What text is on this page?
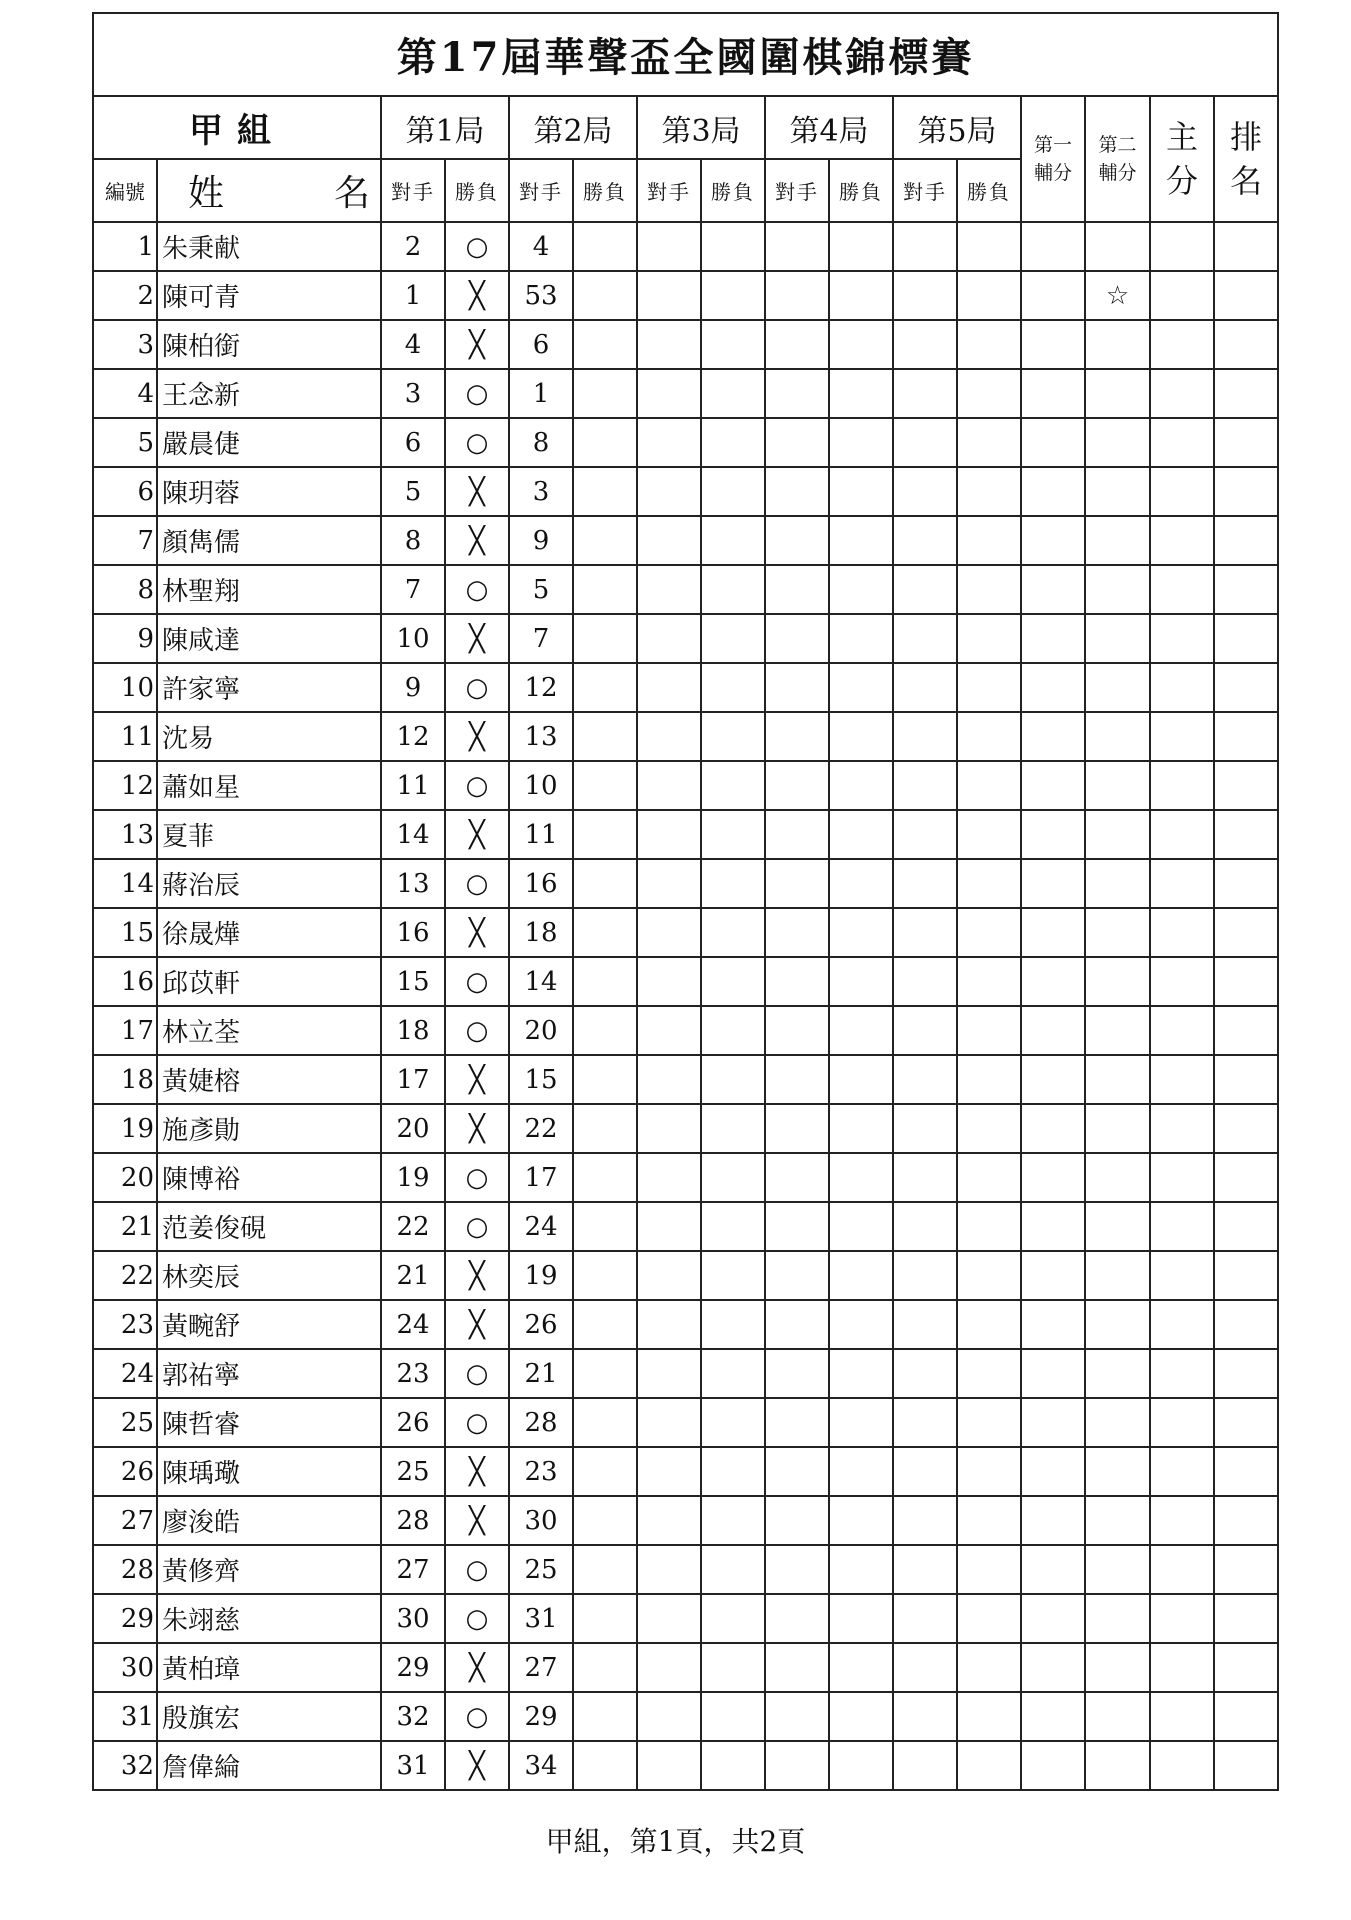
第17屆華聲盃全國圍棋錦標賽															
甲組		第1局		第2局		第3局		第4局		第5局		第一 輔分	第二 輔分	主 分	排 名
編號	姓 名	對手	勝負	對手	勝負	對手	勝負	對手	勝負	對手	勝負				
1	朱秉献	2	○	4											
2	陳可青	1	╳	53									☆		
3	陳柏銜	4	╳	6											
4	王念新	3	○	1											
5	嚴晨倢	6	○	8											
6	陳玥蓉	5	╳	3											
7	顏雋儒	8	╳	9											
8	林聖翔	7	○	5											
9	陳咸達	10	╳	7											
10	許家寧	9	○	12											
11	沈易	12	╳	13											
12	蕭如星	11	○	10											
13	夏菲	14	╳	11											
14	蔣治辰	13	○	16											
15	徐晟燁	16	╳	18											
16	邱苡軒	15	○	14											
17	林立荃	18	○	20											
18	黃婕榕	17	╳	15											
19	施彥勛	20	╳	22											
20	陳博裕	19	○	17											
21	范姜俊硯	22	○	24											
22	林奕辰	21	╳	19											
23	黃畹舒	24	╳	26											
24	郭祐寧	23	○	21											
25	陳哲睿	26	○	28											
26	陳瑀璥	25	╳	23											
27	廖浚皓	28	╳	30											
28	黃修齊	27	○	25											
29	朱翊慈	30	○	31											
30	黃柏璋	29	╳	27											
31	殷旗宏	32	○	29											
32	詹偉綸	31	╳	34											
甲組，第1頁，共2頁
